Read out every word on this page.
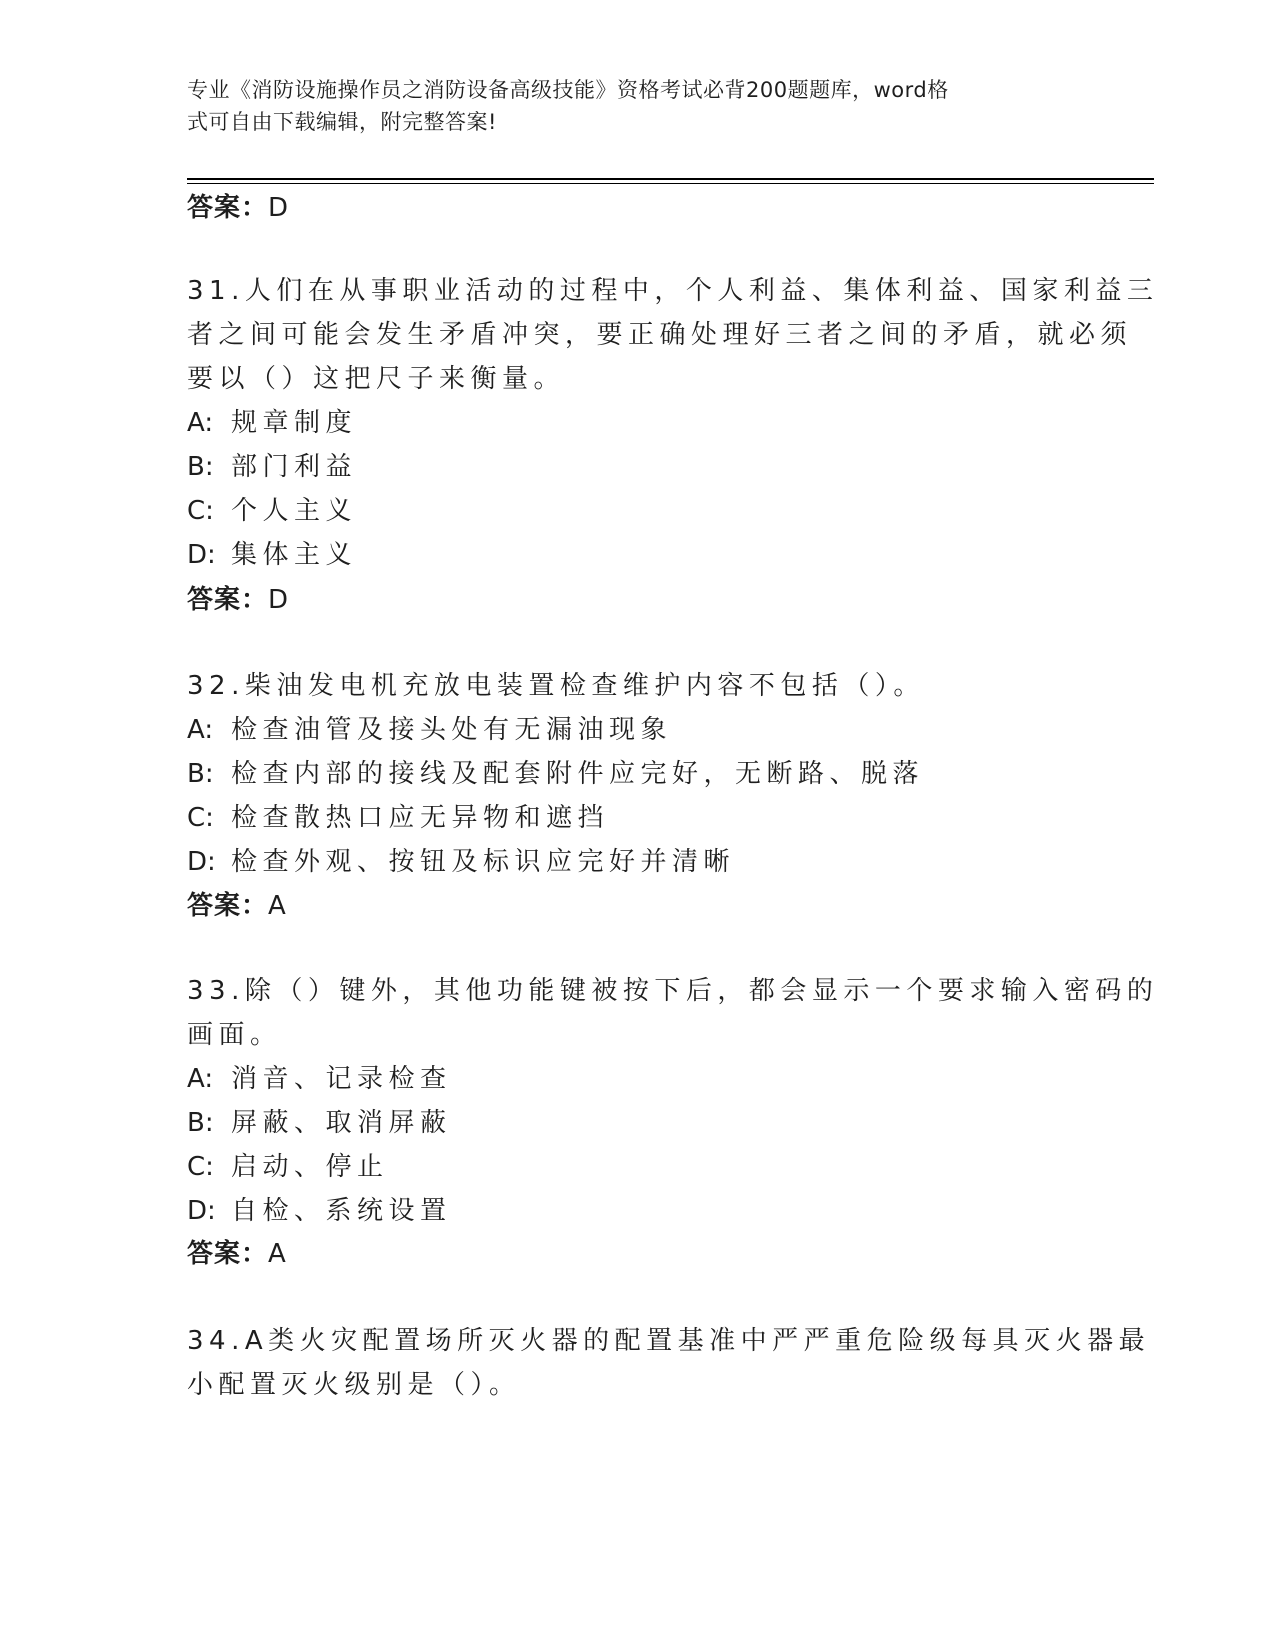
专业《消防设施操作员之消防设备高级技能》资格考试必背200题题库，word格
式可自由下载编辑，附完整答案!
答案：D
31.人们在从事职业活动的过程中，个人利益、集体利益、国家利益三
者之间可能会发生矛盾冲突，要正确处理好三者之间的矛盾，就必须
要以（）这把尺子来衡量。
A: 规章制度
B: 部门利益
C: 个人主义
D: 集体主义
答案：D
32.柴油发电机充放电装置检查维护内容不包括（）。
A: 检查油管及接头处有无漏油现象
B: 检查内部的接线及配套附件应完好，无断路、脱落
C: 检查散热口应无异物和遮挡
D: 检查外观、按钮及标识应完好并清晰
答案：A
33.除（）键外，其他功能键被按下后，都会显示一个要求输入密码的
画面。
A: 消音、记录检查
B: 屏蔽、取消屏蔽
C: 启动、停止
D: 自检、系统设置
答案：A
34.A类火灾配置场所灭火器的配置基准中严严重危险级每具灭火器最
小配置灭火级别是（）。
